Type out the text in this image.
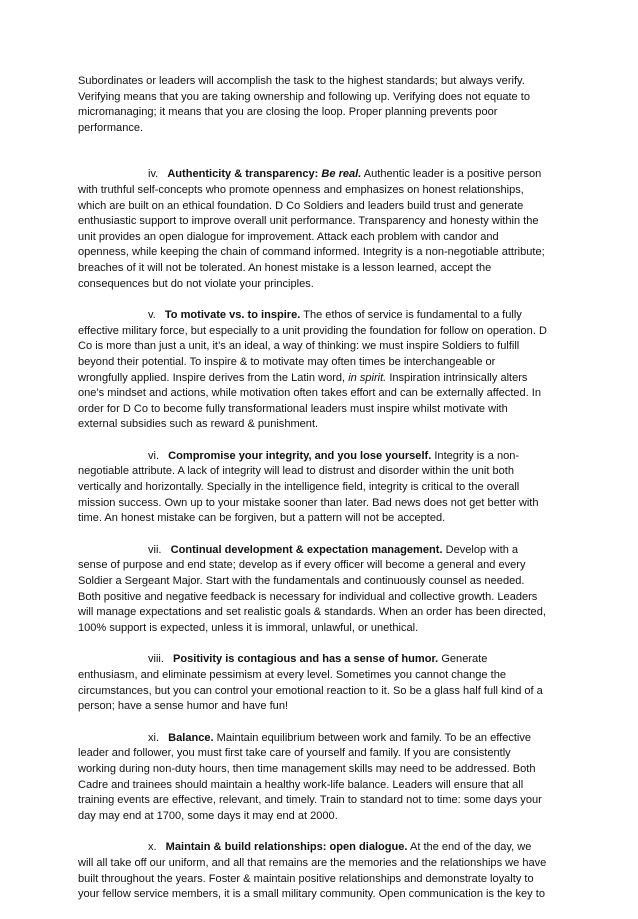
Subordinates or leaders will accomplish the task to the highest standards; but always verify.
Verifying means that you are taking ownership and following up. Verifying does not equate to
micromanaging; it means that you are closing the loop. Proper planning prevents poor
performance.

iv. Authenticity & transparency: Be real. Authentic leader is a positive person
with truthful self-concepts who promote openness and emphasizes on honest relationships,
which are built on an ethical foundation. D Co Soldiers and leaders build trust and generate
enthusiastic support to improve overall unit performance. Transparency and honesty within the
unit provides an open dialogue for improvement. Attack each problem with candor and
openness, while keeping the chain of command informed. Integrity is a non-negotiable attribute;
breaches of it will not be tolerated. An honest mistake is a lesson learned, accept the
consequences but do not violate your principles.

v. To motivate vs. to inspire. The ethos of service is fundamental to a fully
effective military force, but especially to a unit providing the foundation for follow on operation. D
Co is more than just a unit, it’s an ideal, a way of thinking: we must inspire Soldiers to fulfill
beyond their potential. To inspire & to motivate may often times be interchangeable or
wrongfully applied. Inspire derives from the Latin word, in spirit. Inspiration intrinsically alters
one’s mindset and actions, while motivation often takes effort and can be externally affected. In
order for D Co to become fully transformational leaders must inspire whilst motivate with
external subsidies such as reward & punishment.

vi. Compromise your integrity, and you lose yourself. Integrity is a non-
negotiable attribute. A lack of integrity will lead to distrust and disorder within the unit both
vertically and horizontally. Specially in the intelligence field, integrity is critical to the overall
mission success. Own up to your mistake sooner than later. Bad news does not get better with
time. An honest mistake can be forgiven, but a pattern will not be accepted.

vii. Continual development & expectation management. Develop with a
sense of purpose and end state; develop as if every officer will become a general and every
Soldier a Sergeant Major. Start with the fundamentals and continuously counsel as needed.
Both positive and negative feedback is necessary for individual and collective growth. Leaders
will manage expectations and set realistic goals & standards. When an order has been directed,
100% support is expected, unless it is immoral, unlawful, or unethical.

viii. Positivity is contagious and has a sense of humor. Generate
enthusiasm, and eliminate pessimism at every level. Sometimes you cannot change the
circumstances, but you can control your emotional reaction to it. So be a glass half full kind of a
person; have a sense humor and have fun!

xi. Balance. Maintain equilibrium between work and family. To be an effective
leader and follower, you must first take care of yourself and family. If you are consistently
working during non-duty hours, then time management skills may need to be addressed. Both
Cadre and trainees should maintain a healthy work-life balance. Leaders will ensure that all
training events are effective, relevant, and timely. Train to standard not to time: some days your
day may end at 1700, some days it may end at 2000.

x. Maintain & build relationships: open dialogue. At the end of the day, we
will all take off our uniform, and all that remains are the memories and the relationships we have
built throughout the years. Foster & maintain positive relationships and demonstrate loyalty to
your fellow service members, it is a small military community. Open communication is the key to
